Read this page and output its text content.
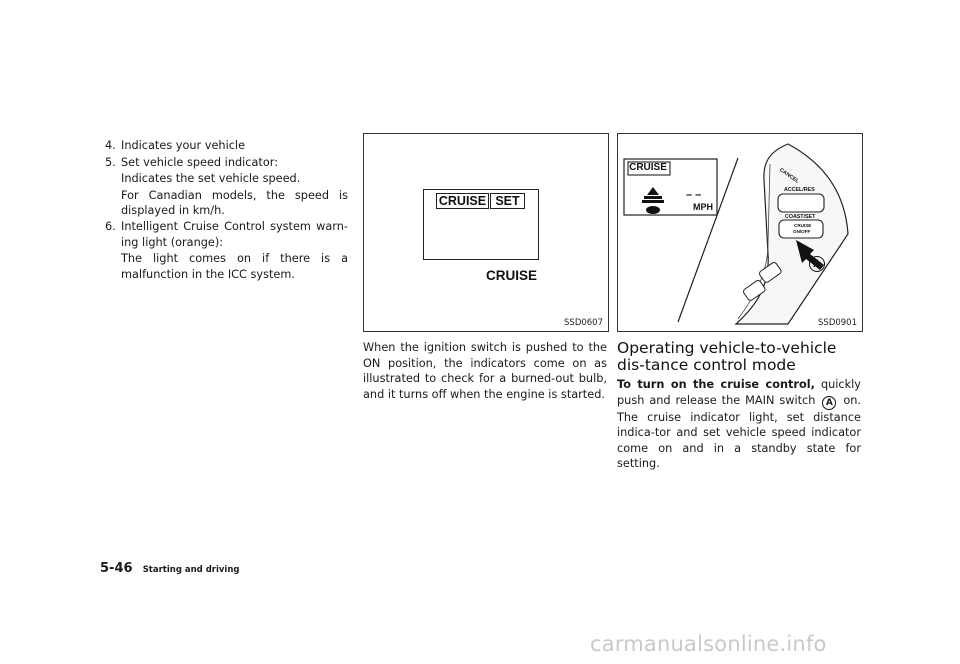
4. Indicates your vehicle
5. Set vehicle speed indicator:
Indicates the set vehicle speed.
For Canadian models, the speed is displayed in km/h.
6. Intelligent Cruise Control system warn-ing light (orange):
The light comes on if there is a malfunction in the ICC system.
CRUISE SET
CRUISE
SSD0607
CRUISE
– –
MPH
CANCEL
ACCEL/RES
COAST/SET
CRUISE
ON/OFF
A
SSD0901
When the ignition switch is pushed to the ON position, the indicators come on as illustrated to check for a burned-out bulb, and it turns off when the engine is started.
Operating vehicle-to-vehicle dis-tance control mode
To turn on the cruise control, quickly push and release the MAIN switch A on. The cruise indicator light, set distance indica-tor and set vehicle speed indicator come on and in a standby state for setting.
5-46 Starting and driving
carmanualsonline.info
